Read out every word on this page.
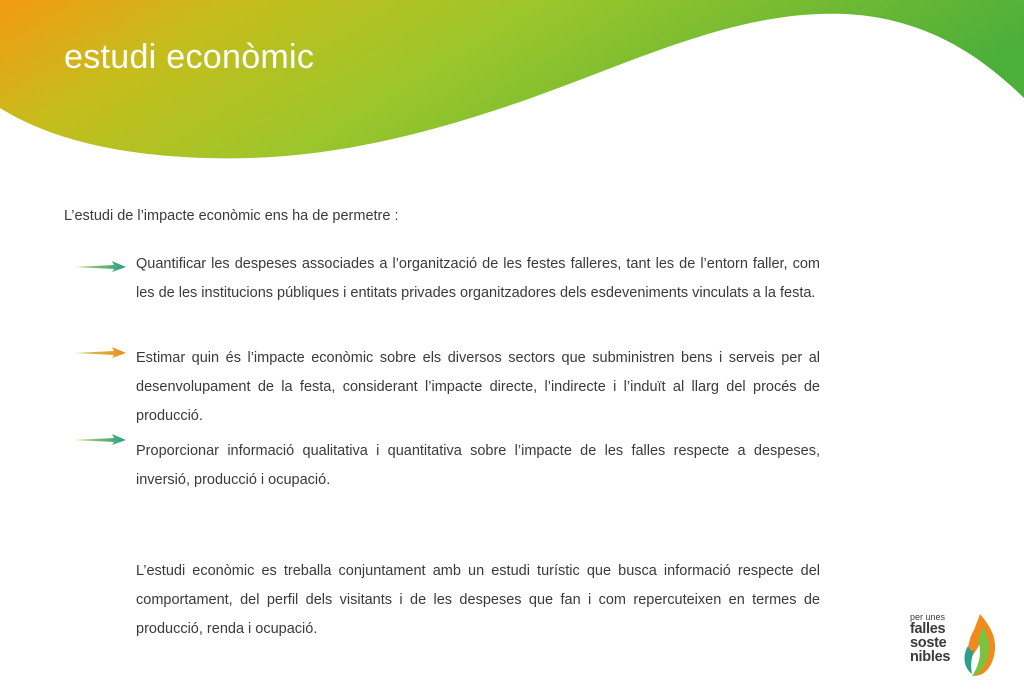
estudi econòmic

L’estudi de l’impacte econòmic ens ha de permetre :

Quantificar les despeses associades a l’organització de les festes falleres, tant les de l’entorn faller, com les de les institucions públiques i entitats privades organitzadores dels esdeveniments vinculats a la festa.

Estimar quin és l’impacte econòmic sobre els diversos sectors que subministren bens i serveis per al desenvolupament de la festa, considerant l’impacte directe, l’indirecte i l’induït al llarg del procés de producció.

Proporcionar informació qualitativa i quantitativa sobre l’impacte de les falles respecte a despeses, inversió, producció i ocupació.

L’estudi econòmic es treballa conjuntament amb un estudi turístic que busca informació respecte del comportament, del perfil dels visitants i de les despeses que fan i com repercuteixen en termes de producció, renda i ocupació.

per unes
falles
soste
nibles
